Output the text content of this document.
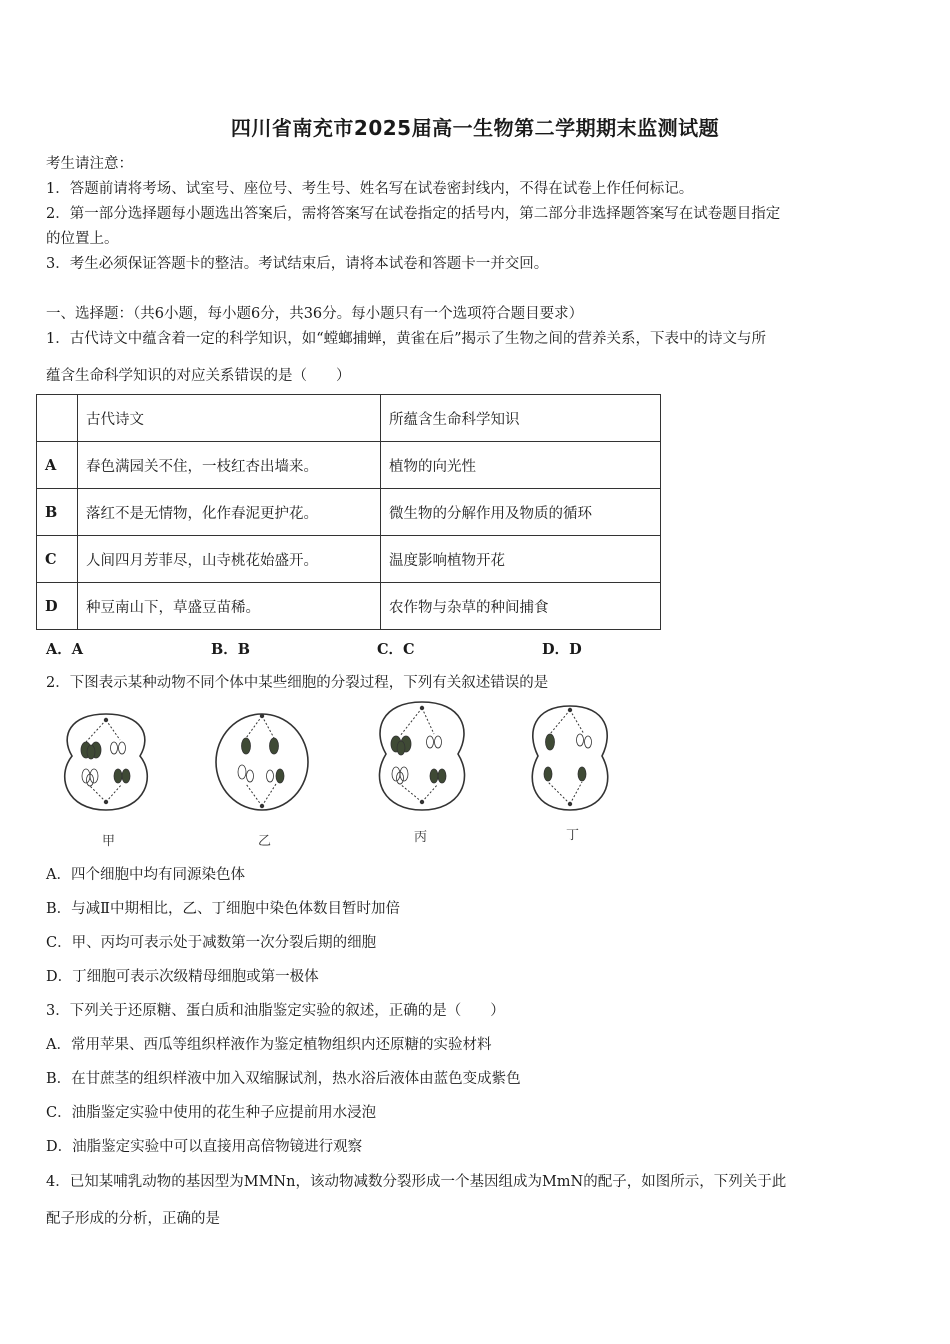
四川省南充市2025届高一生物第二学期期末监测试题
考生请注意：
1．答题前请将考场、试室号、座位号、考生号、姓名写在试卷密封线内，不得在试卷上作任何标记。
2．第一部分选择题每小题选出答案后，需将答案写在试卷指定的括号内，第二部分非选择题答案写在试卷题目指定
的位置上。
3．考生必须保证答题卡的整洁。考试结束后，请将本试卷和答题卡一并交回。
一、选择题：（共6小题，每小题6分，共36分。每小题只有一个选项符合题目要求）
1．古代诗文中蕴含着一定的科学知识，如“螳螂捕蝉，黄雀在后”揭示了生物之间的营养关系，下表中的诗文与所
蕴含生命科学知识的对应关系错误的是（　　）
	古代诗文	所蕴含生命科学知识
A	春色满园关不住，一枝红杏出墙来。	植物的向光性
B	落红不是无情物，化作春泥更护花。	微生物的分解作用及物质的循环
C	人间四月芳菲尽，山寺桃花始盛开。	温度影响植物开花
D	种豆南山下，草盛豆苗稀。	农作物与杂草的种间捕食
A．A	B．B	C．C	D．D
2．下图表示某种动物不同个体中某些细胞的分裂过程，下列有关叙述错误的是
甲	乙	丙	丁
A．四个细胞中均有同源染色体
B．与减Ⅱ中期相比，乙、丁细胞中染色体数目暂时加倍
C．甲、丙均可表示处于减数第一次分裂后期的细胞
D．丁细胞可表示次级精母细胞或第一极体
3．下列关于还原糖、蛋白质和油脂鉴定实验的叙述，正确的是（　　）
A．常用苹果、西瓜等组织样液作为鉴定植物组织内还原糖的实验材料
B．在甘蔗茎的组织样液中加入双缩脲试剂，热水浴后液体由蓝色变成紫色
C．油脂鉴定实验中使用的花生种子应提前用水浸泡
D．油脂鉴定实验中可以直接用高倍物镜进行观察
4．已知某哺乳动物的基因型为MMNn，该动物减数分裂形成一个基因组成为MmN的配子，如图所示，下列关于此
配子形成的分析，正确的是
